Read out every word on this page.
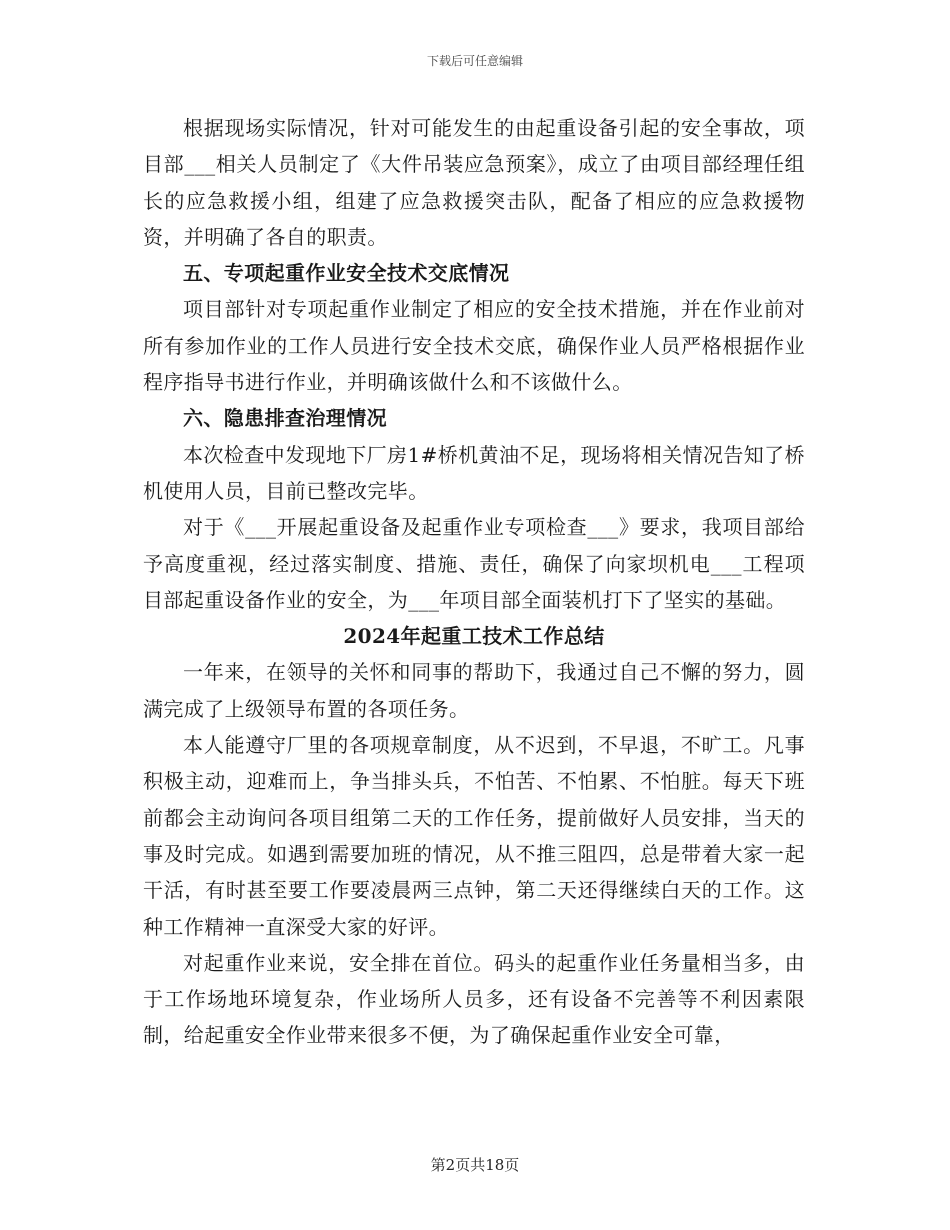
下载后可任意编辑

根据现场实际情况，针对可能发生的由起重设备引起的安全事故，项目部___相关人员制定了《大件吊装应急预案》，成立了由项目部经理任组长的应急救援小组，组建了应急救援突击队，配备了相应的应急救援物资，并明确了各自的职责。

五、专项起重作业安全技术交底情况

项目部针对专项起重作业制定了相应的安全技术措施，并在作业前对所有参加作业的工作人员进行安全技术交底，确保作业人员严格根据作业程序指导书进行作业，并明确该做什么和不该做什么。

六、隐患排查治理情况

本次检查中发现地下厂房1#桥机黄油不足，现场将相关情况告知了桥机使用人员，目前已整改完毕。

对于《___开展起重设备及起重作业专项检查___》要求，我项目部给予高度重视，经过落实制度、措施、责任，确保了向家坝机电___工程项目部起重设备作业的安全，为___年项目部全面装机打下了坚实的基础。

2024年起重工技术工作总结

一年来，在领导的关怀和同事的帮助下，我通过自己不懈的努力，圆满完成了上级领导布置的各项任务。

本人能遵守厂里的各项规章制度，从不迟到，不早退，不旷工。凡事积极主动，迎难而上，争当排头兵，不怕苦、不怕累、不怕脏。每天下班前都会主动询问各项目组第二天的工作任务，提前做好人员安排，当天的事及时完成。如遇到需要加班的情况，从不推三阻四，总是带着大家一起干活，有时甚至要工作要凌晨两三点钟，第二天还得继续白天的工作。这种工作精神一直深受大家的好评。

对起重作业来说，安全排在首位。码头的起重作业任务量相当多，由于工作场地环境复杂，作业场所人员多，还有设备不完善等不利因素限制，给起重安全作业带来很多不便，为了确保起重作业安全可靠，

第2页共18页
